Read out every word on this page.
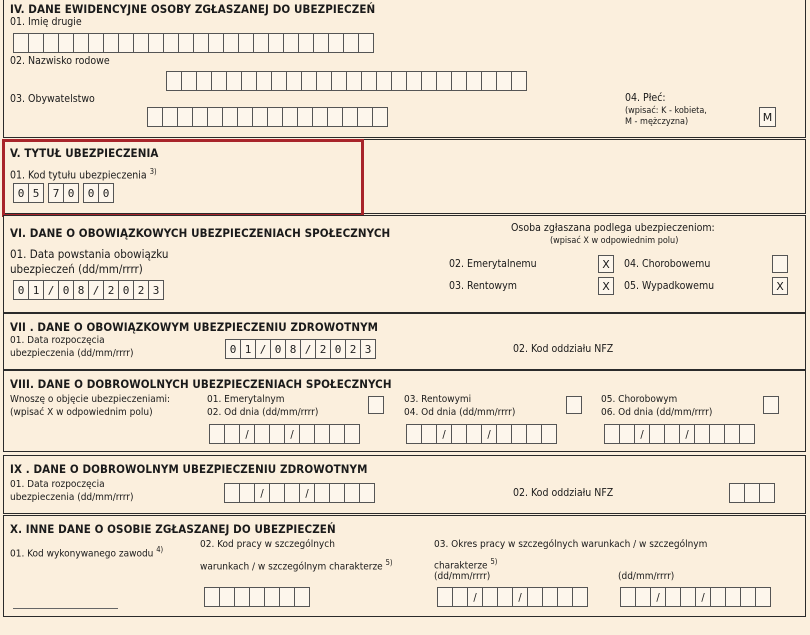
IV. DANE EWIDENCYJNE OSOBY ZGŁASZANEJ DO UBEZPIECZEŃ
01. Imię drugie
02. Nazwisko rodowe
03. Obywatelstwo	04. Płeć:
(wpisać: K - kobieta,
M - mężczyzna)	M
V. TYTUŁ UBEZPIECZENIA
01. Kod tytułu ubezpieczenia $^{3)}$
0 5	7 0	0 0
VI. DANE O OBOWIĄZKOWYCH UBEZPIECZENIACH SPOŁECZNYCH	Osoba zgłaszana podlega ubezpieczeniom:
(wpisać X w odpowiednim polu)
01. Data powstania obowiązku
ubezpieczeń (dd/mm/rrrr)
0 1 / 0 8 / 2 0 2 3
02. Emerytalnemu	X
03. Rentowym	X
04. Chorobowemu
05. Wypadkowemu	X
VII . DANE O OBOWIĄZKOWYM UBEZPIECZENIU ZDROWOTNYM
01. Data rozpoczęcia
ubezpieczenia (dd/mm/rrrr)	0 1 / 0 8 / 2 0 2 3	02. Kod oddziału NFZ
VIII. DANE O DOBROWOLNYCH UBEZPIECZENIACH SPOŁECZNYCH
Wnoszę o objęcie ubezpieczeniami:
(wpisać X w odpowiednim polu)
01. Emerytalnym
02. Od dnia (dd/mm/rrrr)
/	/
03. Rentowymi
04. Od dnia (dd/mm/rrrr)
/	/
05. Chorobowym
06. Od dnia (dd/mm/rrrr)
/	/
IX . DANE O DOBROWOLNYM UBEZPIECZENIU ZDROWOTNYM
01. Data rozpoczęcia
ubezpieczenia (dd/mm/rrrr)	/	/	02. Kod oddziału NFZ
X. INNE DANE O OSOBIE ZGŁASZANEJ DO UBEZPIECZEŃ
01. Kod wykonywanego zawodu $^{4)}$	02. Kod pracy w szczególnych
warunkach / w szczególnym charakterze $^{5)}$
03. Okres pracy w szczególnych warunkach / w szczególnym
charakterze $^{5)}$
(dd/mm/rrrr)	(dd/mm/rrrr)
/	/	/	/
